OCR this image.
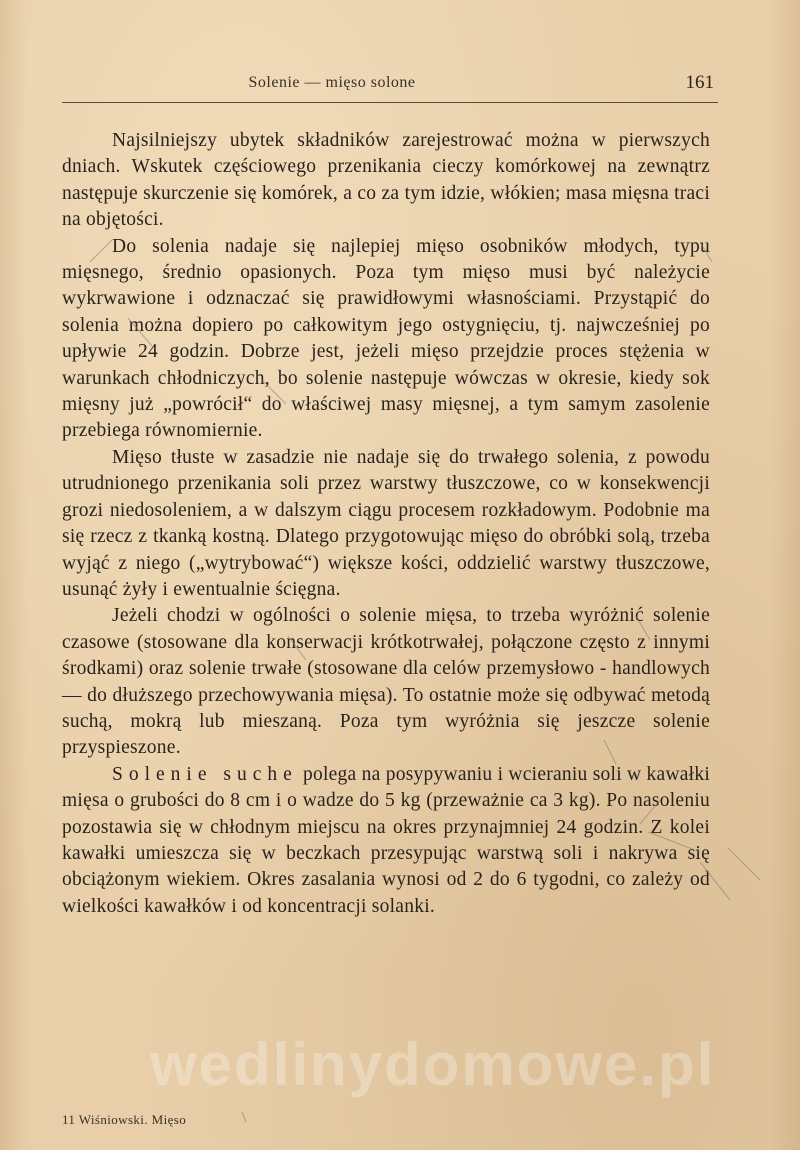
Solenie — mięso solone	161

Najsilniejszy ubytek składników zarejestrować można w pierwszych dniach. Wskutek częściowego przenikania cieczy komórkowej na zewnątrz następuje skurczenie się komórek, a co za tym idzie, włókien; masa mięsna traci na objętości.

Do solenia nadaje się najlepiej mięso osobników młodych, typu mięsnego, średnio opasionych. Poza tym mięso musi być należycie wykrwawione i odznaczać się prawidłowymi własnościami. Przystąpić do solenia można dopiero po całkowitym jego ostygnięciu, tj. najwcześniej po upływie 24 godzin. Dobrze jest, jeżeli mięso przejdzie proces stężenia w warunkach chłodniczych, bo solenie następuje wówczas w okresie, kiedy sok mięsny już „powrócił“ do właściwej masy mięsnej, a tym samym zasolenie przebiega równomiernie.

Mięso tłuste w zasadzie nie nadaje się do trwałego solenia, z powodu utrudnionego przenikania soli przez warstwy tłuszczowe, co w konsekwencji grozi niedosoleniem, a w dalszym ciągu procesem rozkładowym. Podobnie ma się rzecz z tkanką kostną. Dlatego przygotowując mięso do obróbki solą, trzeba wyjąć z niego („wytrybować“) większe kości, oddzielić warstwy tłuszczowe, usunąć żyły i ewentualnie ścięgna.

Jeżeli chodzi w ogólności o solenie mięsa, to trzeba wyróżnić solenie czasowe (stosowane dla konserwacji krótkotrwałej, połączone często z innymi środkami) oraz solenie trwałe (stosowane dla celów przemysłowo - handlowych — do dłuższego przechowywania mięsa). To ostatnie może się odbywać metodą suchą, mokrą lub mieszaną. Poza tym wyróżnia się jeszcze solenie przyspieszone.

Solenie suche polega na posypywaniu i wcieraniu soli w kawałki mięsa o grubości do 8 cm i o wadze do 5 kg (przeważnie ca 3 kg). Po nasoleniu pozostawia się w chłodnym miejscu na okres przynajmniej 24 godzin. Z kolei kawałki umieszcza się w beczkach przesypując warstwą soli i nakrywa się obciążonym wiekiem. Okres zasalania wynosi od 2 do 6 tygodni, co zależy od wielkości kawałków i od koncentracji solanki.

11 Wiśniowski. Mięso
wedlinydomowe.pl
